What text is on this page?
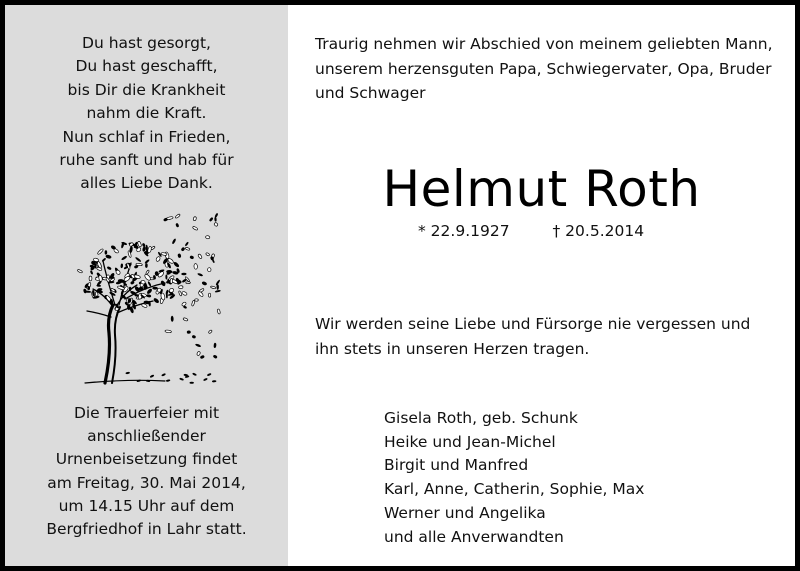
Du hast gesorgt,
Du hast geschafft,
bis Dir die Krankheit
nahm die Kraft.
Nun schlaf in Frieden,
ruhe sanft und hab für
alles Liebe Dank.
Die Trauerfeier mit
anschließender
Urnenbeisetzung findet
am Freitag, 30. Mai 2014,
um 14.15 Uhr auf dem
Bergfriedhof in Lahr statt.
Traurig nehmen wir Abschied von meinem geliebten Mann,
unserem herzensguten Papa, Schwiegervater, Opa, Bruder
und Schwager
Helmut Roth
* 22.9.1927	† 20.5.2014
Wir werden seine Liebe und Fürsorge nie vergessen und
ihn stets in unseren Herzen tragen.
Gisela Roth, geb. Schunk
Heike und Jean-Michel
Birgit und Manfred
Karl, Anne, Catherin, Sophie, Max
Werner und Angelika
und alle Anverwandten
